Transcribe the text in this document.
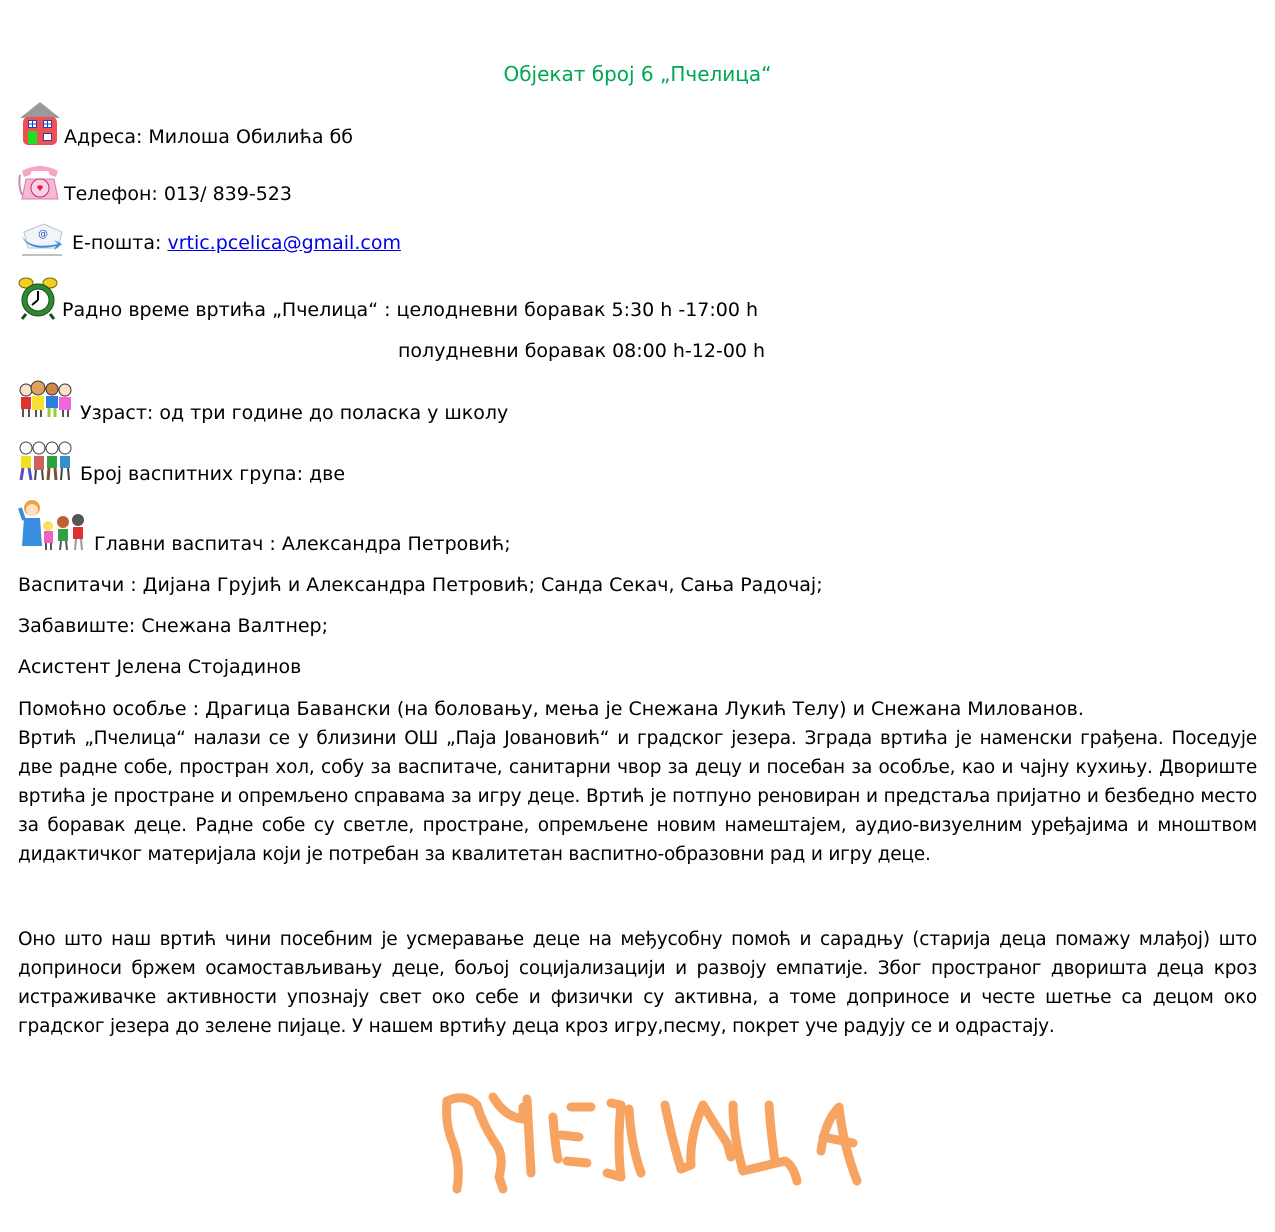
Објекат број 6 „Пчелица“
Адреса: Милоша Обилића бб
Телефон: 013/ 839-523
@ Е-пошта: vrtic.pcelica@gmail.com
Радно време вртића „Пчелица“ : целодневни боравак 5:30 h -17:00 h
полудневни боравак 08:00 h-12-00 h
Узраст: од три године до поласка у школу
Број васпитних група: две
Главни васпитач : Александра Петровић;
Васпитачи : Дијана Грујић и Александра Петровић; Санда Секач, Сања Радочај;
Забавиште: Снежана Валтнер;
Асистент Јелена Стојадинов
Помоћно особље : Драгица Бавански (на боловању, мења је Снежана Лукић Телу) и Снежана Милованов.

Вртић „Пчелица“ налази се у близини ОШ „Паја Јовановић“ и градског језера. Зграда вртића је наменски грађена. Поседује две радне собе, простран хол, собу за васпитаче, санитарни чвор за децу и посебан за особље, као и чајну кухињу. Двориште вртића је простране и опремљено справама за игру деце. Вртић је потпуно реновиран и предстаља пријатно и безбедно место за боравак деце. Радне собе су светле, простране, опремљене новим намештајем, аудио-визуелним уређајима и мноштвом дидактичког материјала који је потребан за квалитетан васпитно-образовни рад и игру деце.

Оно што наш вртић чини посебним је усмеравање деце на међусобну помоћ и сарадњу (старија деца помажу млађој) што доприноси бржем осамостављивању деце, бољој социјализацији и развоју емпатије. Због пространог дворишта деца кроз истраживачке активности упознају свет око себе и физички су активна, а томе доприносе и честе шетње са децом око градског језера до зелене пијаце. У нашем вртићу деца кроз игру,песму, покрет уче радују се и одрастају.
